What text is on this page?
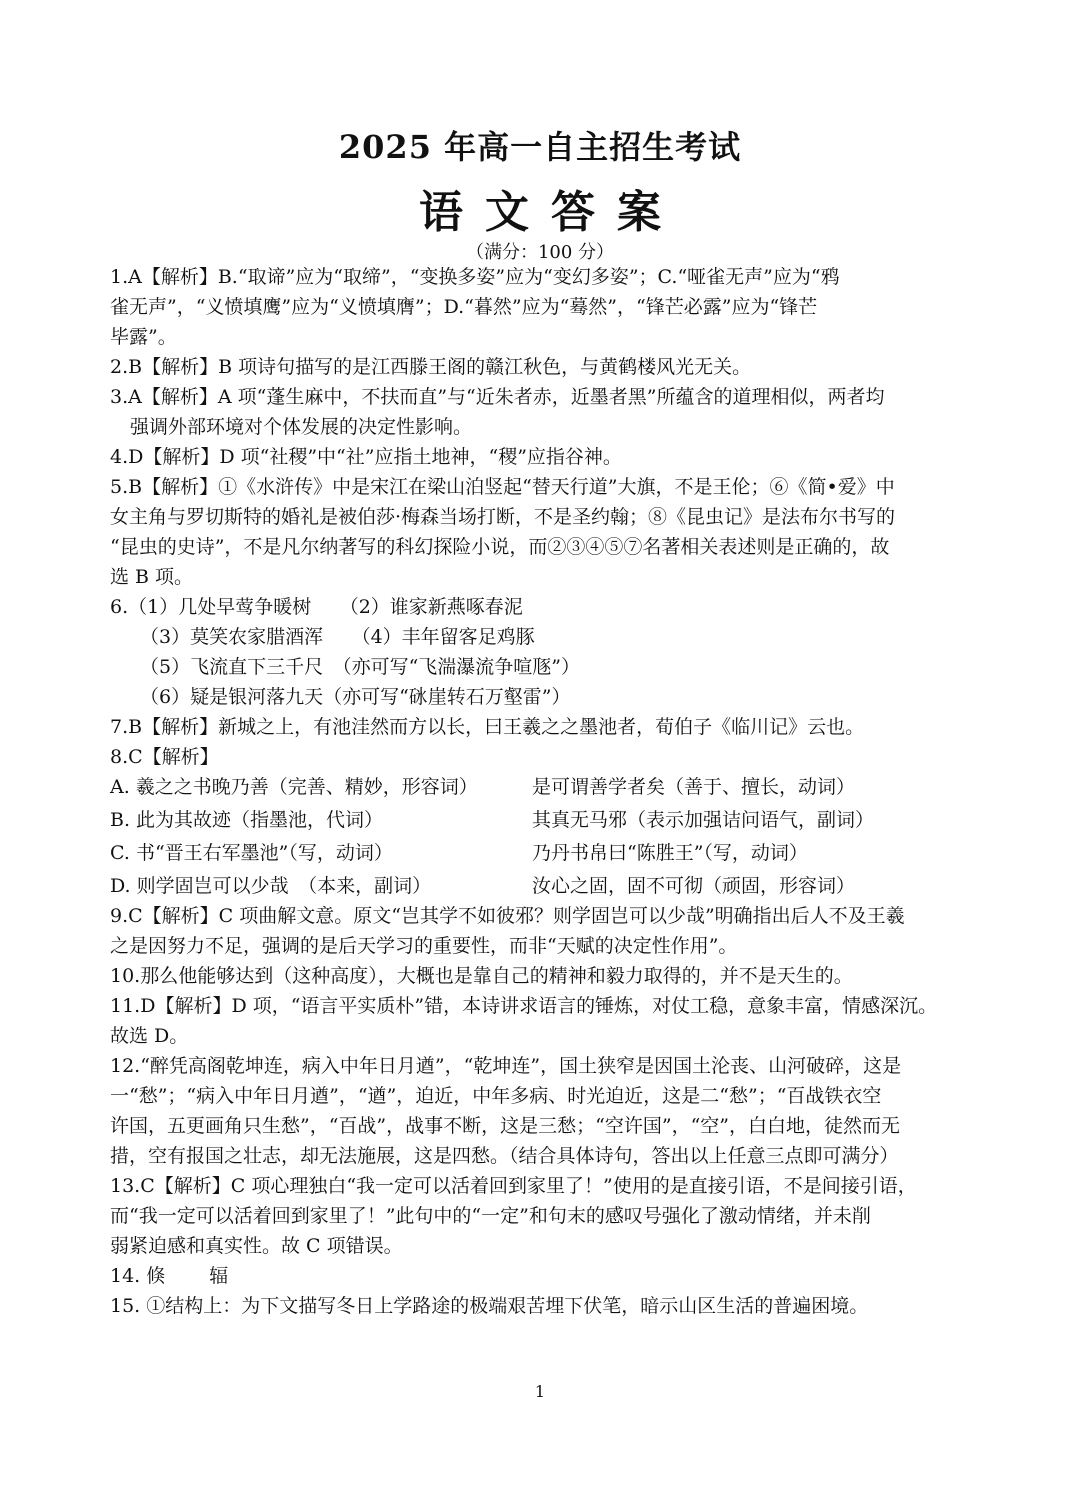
2025 年高一自主招生考试
语文答案
（满分：100 分）

1.A【解析】B.“取谛”应为“取缔”，“变换多姿”应为“变幻多姿”；C.“哑雀无声”应为“鸦

雀无声”，“义愤填鹰”应为“义愤填膺”；D.“暮然”应为“蓦然”，“锋芒必露”应为“锋芒

毕露”。

2.B【解析】B 项诗句描写的是江西滕王阁的赣江秋色，与黄鹤楼风光无关。

3.A【解析】A 项“蓬生麻中，不扶而直”与“近朱者赤，近墨者黑”所蕴含的道理相似，两者均

强调外部环境对个体发展的决定性影响。

4.D【解析】D 项“社稷”中“社”应指土地神，“稷”应指谷神。

5.B【解析】①《水浒传》中是宋江在梁山泊竖起“替天行道”大旗，不是王伦；⑥《简•爱》中

女主角与罗切斯特的婚礼是被伯莎·梅森当场打断，不是圣约翰；⑧《昆虫记》是法布尔书写的

“昆虫的史诗”，不是凡尔纳著写的科幻探险小说，而②③④⑤⑦名著相关表述则是正确的，故

选 B 项。

6.（1）几处早莺争暖树　　（2）谁家新燕啄春泥

（3）莫笑农家腊酒浑　　（4）丰年留客足鸡豚

（5）飞流直下三千尺　（亦可写“飞湍瀑流争喧豗”）

（6）疑是银河落九天（亦可写“砯崖转石万壑雷”）

7.B【解析】新城之上，有池洼然而方以长，曰王羲之之墨池者，荀伯子《临川记》云也。

8.C【解析】

A. 羲之之书晚乃善（完善、精妙，形容词）	是可谓善学者矣（善于、擅长，动词）
B. 此为其故迹（指墨池，代词）	其真无马邪（表示加强诘问语气，副词）
C. 书“晋王右军墨池”（写，动词）	乃丹书帛曰“陈胜王”（写，动词）
D. 则学固岂可以少哉　（本来，副词）	汝心之固，固不可彻（顽固，形容词）

9.C【解析】C 项曲解文意。原文“岂其学不如彼邪？则学固岂可以少哉”明确指出后人不及王羲

之是因努力不足，强调的是后天学习的重要性，而非“天赋的决定性作用”。

10.那么他能够达到（这种高度），大概也是靠自己的精神和毅力取得的，并不是天生的。

11.D【解析】D 项，“语言平实质朴”错，本诗讲求语言的锤炼，对仗工稳，意象丰富，情感深沉。

故选 D。

12.“醉凭高阁乾坤连，病入中年日月遒”，“乾坤连”，国土狭窄是因国土沦丧、山河破碎，这是

一“愁”；“病入中年日月遒”，“遒”，迫近，中年多病、时光迫近，这是二“愁”；“百战铁衣空

许国，五更画角只生愁”，“百战”，战事不断，这是三愁；“空许国”，“空”，白白地，徒然而无

措，空有报国之壮志，却无法施展，这是四愁。（结合具体诗句，答出以上任意三点即可满分）

13.C【解析】C 项心理独白“我一定可以活着回到家里了！”使用的是直接引语，不是间接引语，

而“我一定可以活着回到家里了！”此句中的“一定”和句末的感叹号强化了激动情绪，并未削

弱紧迫感和真实性。故 C 项错误。

14. 倏　　 辐

15. ①结构上：为下文描写冬日上学路途的极端艰苦埋下伏笔，暗示山区生活的普遍困境。

1
